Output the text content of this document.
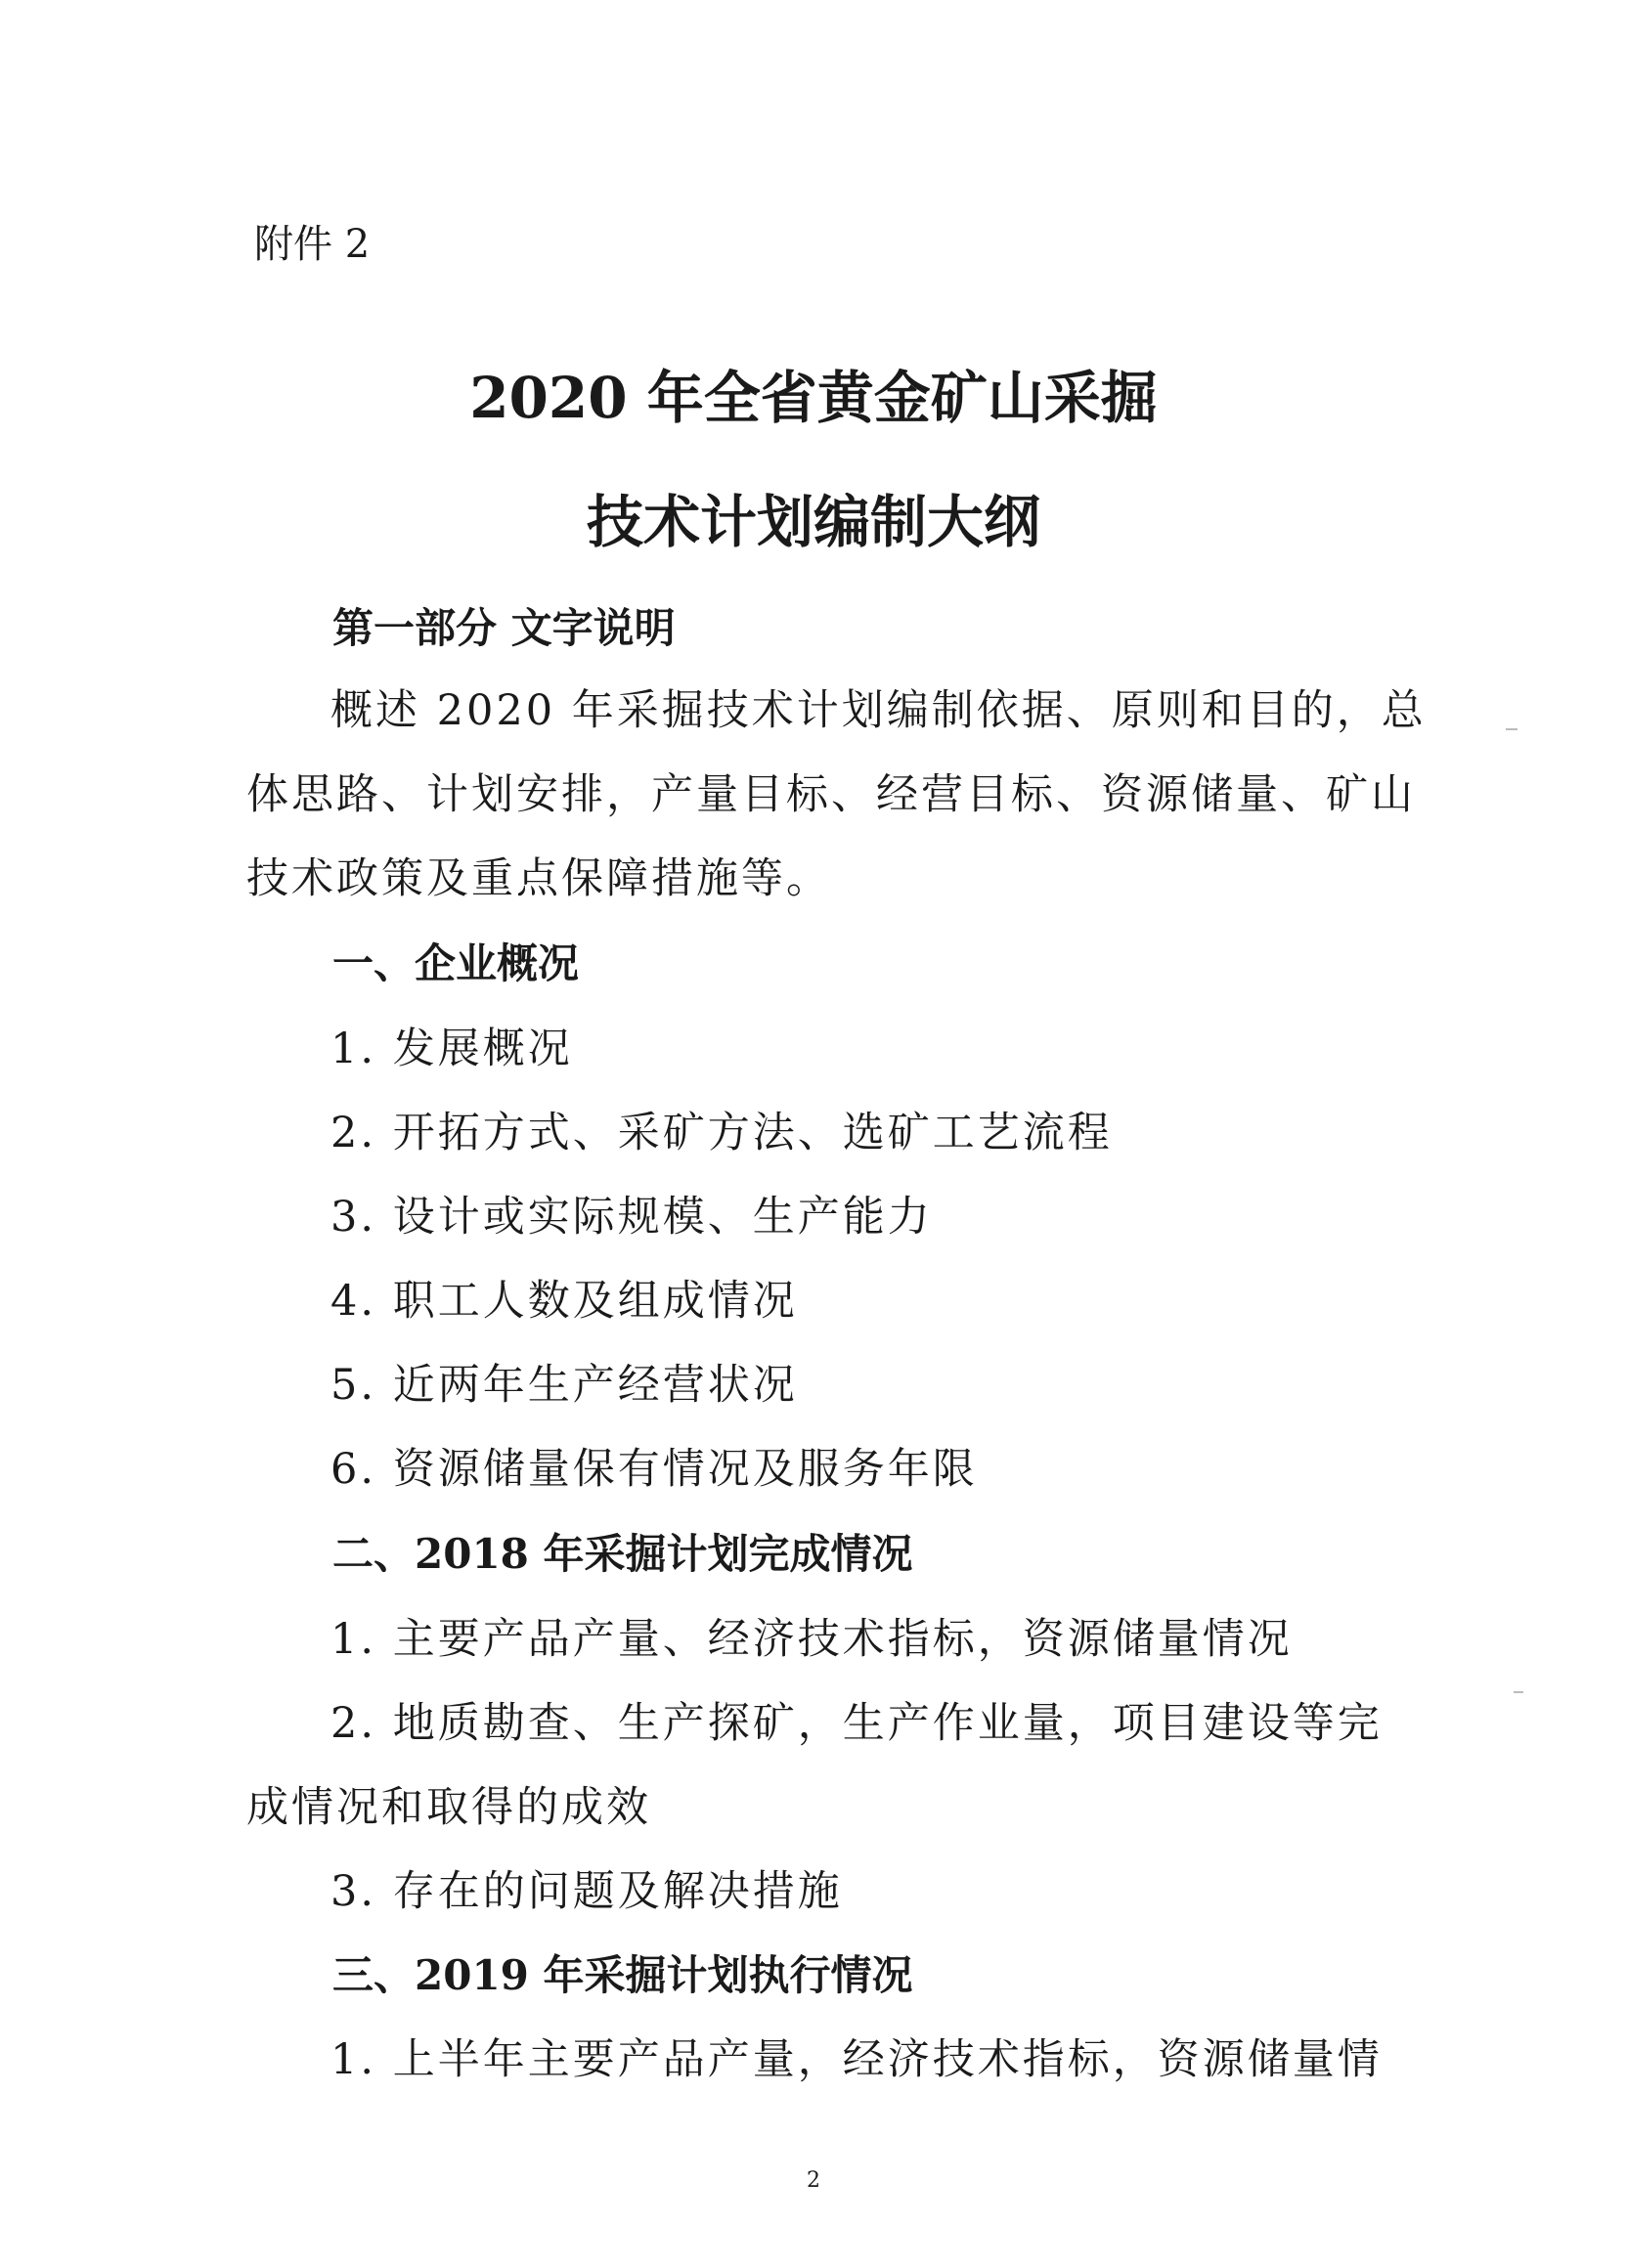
附件 2
2020 年全省黄金矿山采掘
技术计划编制大纲
第一部分 文字说明
概述 2020 年采掘技术计划编制依据、原则和目的，总
体思路、计划安排，产量目标、经营目标、资源储量、矿山
技术政策及重点保障措施等。
一、企业概况
1. 发展概况
2. 开拓方式、采矿方法、选矿工艺流程
3. 设计或实际规模、生产能力
4. 职工人数及组成情况
5. 近两年生产经营状况
6. 资源储量保有情况及服务年限
二、2018 年采掘计划完成情况
1. 主要产品产量、经济技术指标，资源储量情况
2. 地质勘查、生产探矿，生产作业量，项目建设等完
成情况和取得的成效
3. 存在的问题及解决措施
三、2019 年采掘计划执行情况
1. 上半年主要产品产量，经济技术指标，资源储量情
2
